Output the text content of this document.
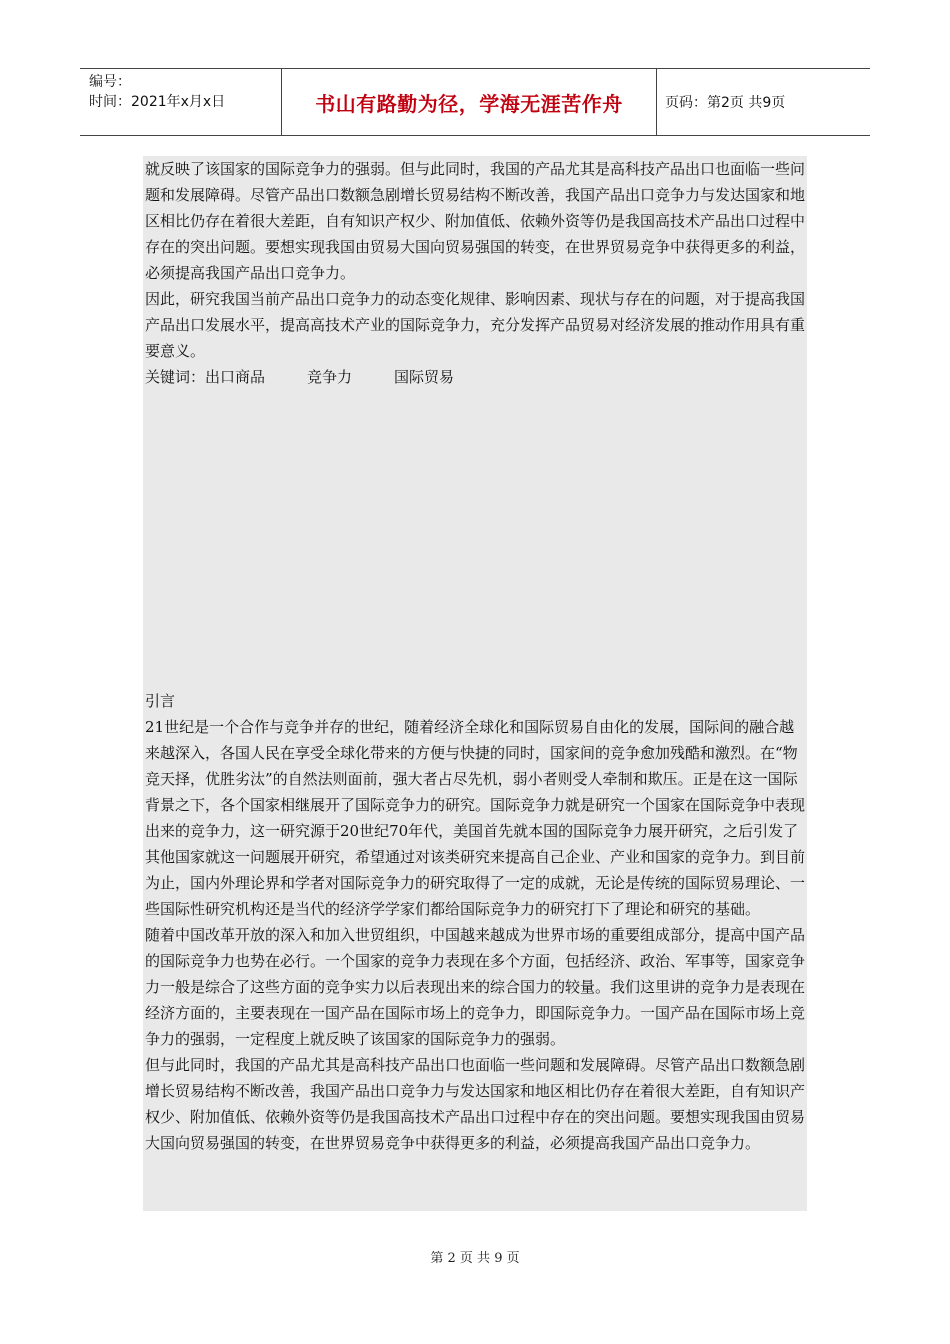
编号：
时间：2021年x月x日	书山有路勤为径，学海无涯苦作舟	页码：第2页 共9页

就反映了该国家的国际竞争力的强弱。但与此同时，我国的产品尤其是高科技产品出口也面临一些问题和发展障碍。尽管产品出口数额急剧增长贸易结构不断改善，我国产品出口竞争力与发达国家和地区相比仍存在着很大差距，自有知识产权少、附加值低、依赖外资等仍是我国高技术产品出口过程中存在的突出问题。要想实现我国由贸易大国向贸易强国的转变，在世界贸易竞争中获得更多的利益，必须提高我国产品出口竞争力。

因此，研究我国当前产品出口竞争力的动态变化规律、影响因素、现状与存在的问题，对于提高我国产品出口发展水平，提高高技术产业的国际竞争力，充分发挥产品贸易对经济发展的推动作用具有重要意义。

关键词：出口商品	竞争力	国际贸易

引言

21世纪是一个合作与竞争并存的世纪，随着经济全球化和国际贸易自由化的发展，国际间的融合越来越深入，各国人民在享受全球化带来的方便与快捷的同时，国家间的竞争愈加残酷和激烈。在“物竞天择，优胜劣汰”的自然法则面前，强大者占尽先机，弱小者则受人牵制和欺压。正是在这一国际背景之下，各个国家相继展开了国际竞争力的研究。国际竞争力就是研究一个国家在国际竞争中表现出来的竞争力，这一研究源于20世纪70年代，美国首先就本国的国际竞争力展开研究，之后引发了其他国家就这一问题展开研究，希望通过对该类研究来提高自己企业、产业和国家的竞争力。到目前为止，国内外理论界和学者对国际竞争力的研究取得了一定的成就，无论是传统的国际贸易理论、一些国际性研究机构还是当代的经济学学家们都给国际竞争力的研究打下了理论和研究的基础。

随着中国改革开放的深入和加入世贸组织，中国越来越成为世界市场的重要组成部分，提高中国产品的国际竞争力也势在必行。一个国家的竞争力表现在多个方面，包括经济、政治、军事等，国家竞争力一般是综合了这些方面的竞争实力以后表现出来的综合国力的较量。我们这里讲的竞争力是表现在经济方面的，主要表现在一国产品在国际市场上的竞争力，即国际竞争力。一国产品在国际市场上竞争力的强弱，一定程度上就反映了该国家的国际竞争力的强弱。

但与此同时，我国的产品尤其是高科技产品出口也面临一些问题和发展障碍。尽管产品出口数额急剧增长贸易结构不断改善，我国产品出口竞争力与发达国家和地区相比仍存在着很大差距，自有知识产权少、附加值低、依赖外资等仍是我国高技术产品出口过程中存在的突出问题。要想实现我国由贸易大国向贸易强国的转变，在世界贸易竞争中获得更多的利益，必须提高我国产品出口竞争力。

第 2 页 共 9 页
